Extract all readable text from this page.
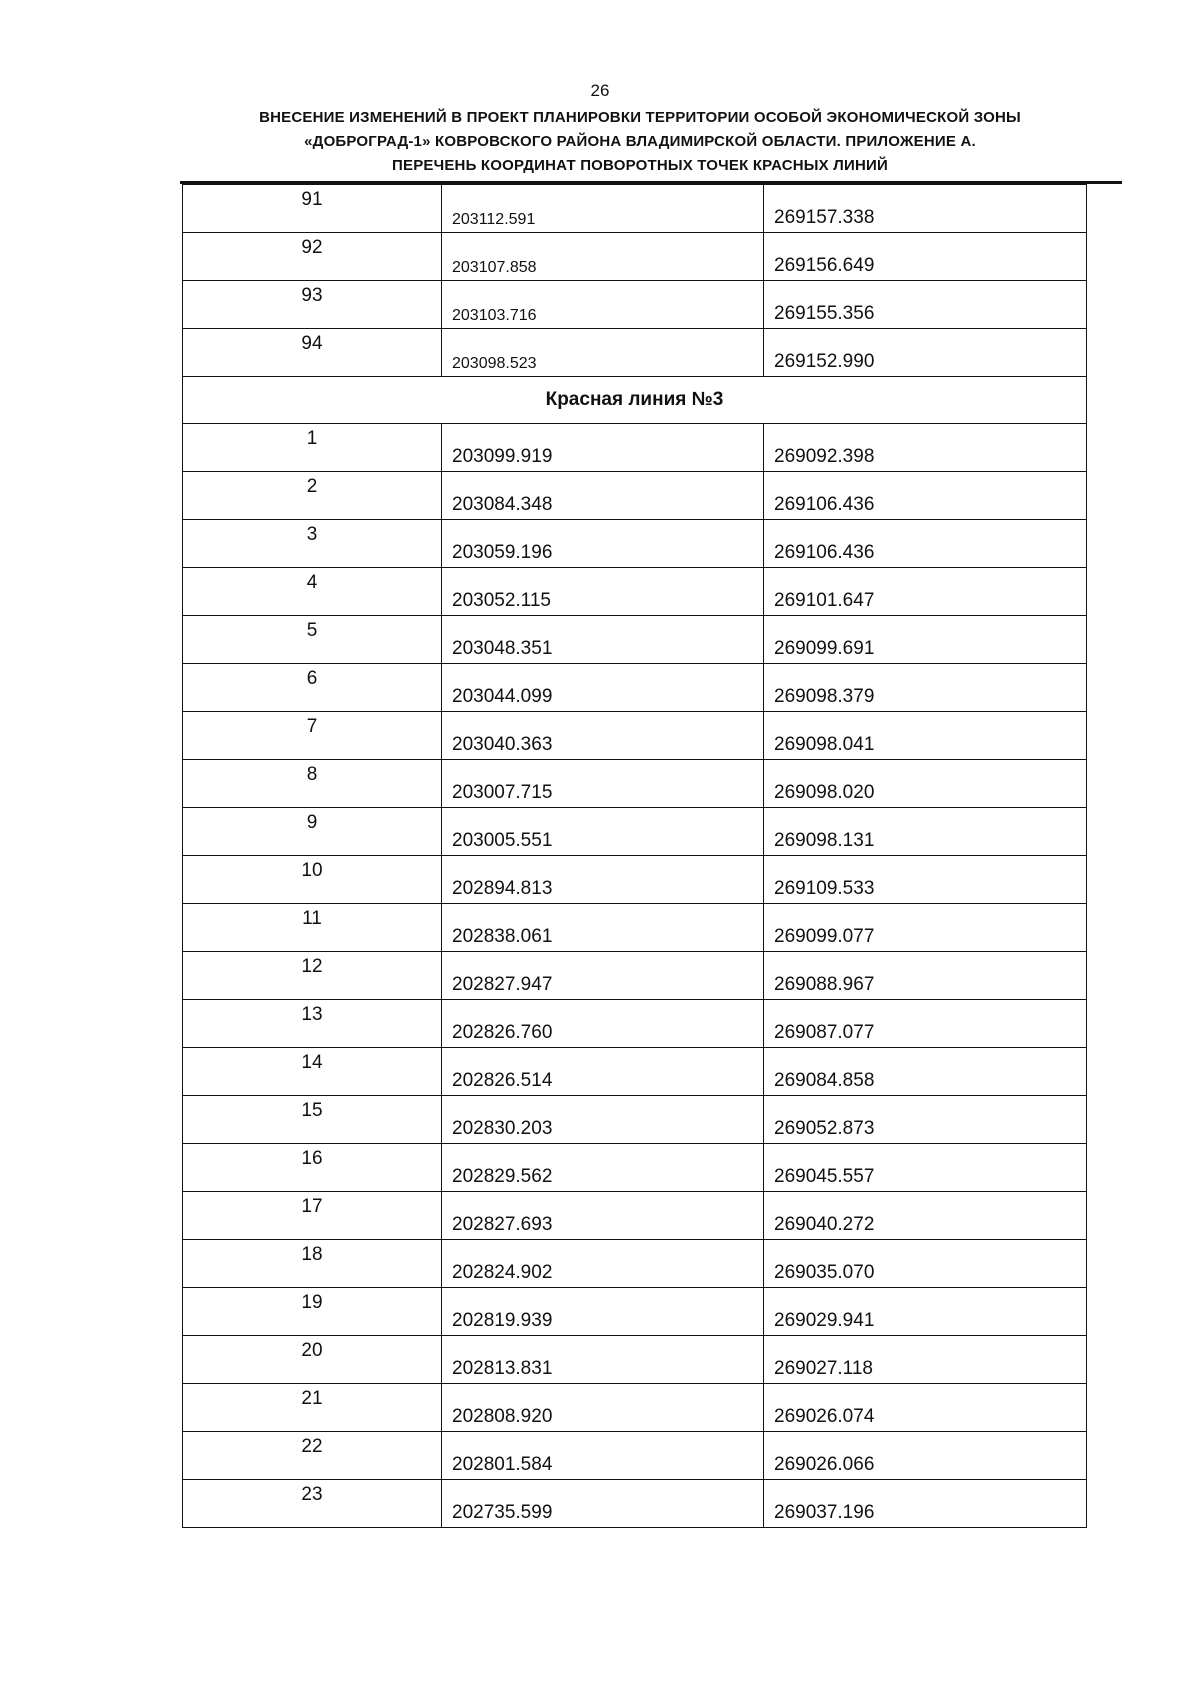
26
ВНЕСЕНИЕ ИЗМЕНЕНИЙ В ПРОЕКТ ПЛАНИРОВКИ ТЕРРИТОРИИ ОСОБОЙ ЭКОНОМИЧЕСКОЙ ЗОНЫ
«ДОБРОГРАД-1» КОВРОВСКОГО РАЙОНА ВЛАДИМИРСКОЙ ОБЛАСТИ. ПРИЛОЖЕНИЕ А.
ПЕРЕЧЕНЬ КООРДИНАТ ПОВОРОТНЫХ ТОЧЕК КРАСНЫХ ЛИНИЙ
91	203112.591	269157.338

92	203107.858	269156.649

93	203103.716	269155.356

94	203098.523	269152.990

Красная линия №3		

1	203099.919	269092.398

2	203084.348	269106.436

3	203059.196	269106.436

4	203052.115	269101.647

5	203048.351	269099.691

6	203044.099	269098.379

7	203040.363	269098.041

8	203007.715	269098.020

9	203005.551	269098.131

10	202894.813	269109.533

11	202838.061	269099.077

12	202827.947	269088.967

13	202826.760	269087.077

14	202826.514	269084.858

15	202830.203	269052.873

16	202829.562	269045.557

17	202827.693	269040.272

18	202824.902	269035.070

19	202819.939	269029.941

20	202813.831	269027.118

21	202808.920	269026.074

22	202801.584	269026.066

23	202735.599	269037.196
